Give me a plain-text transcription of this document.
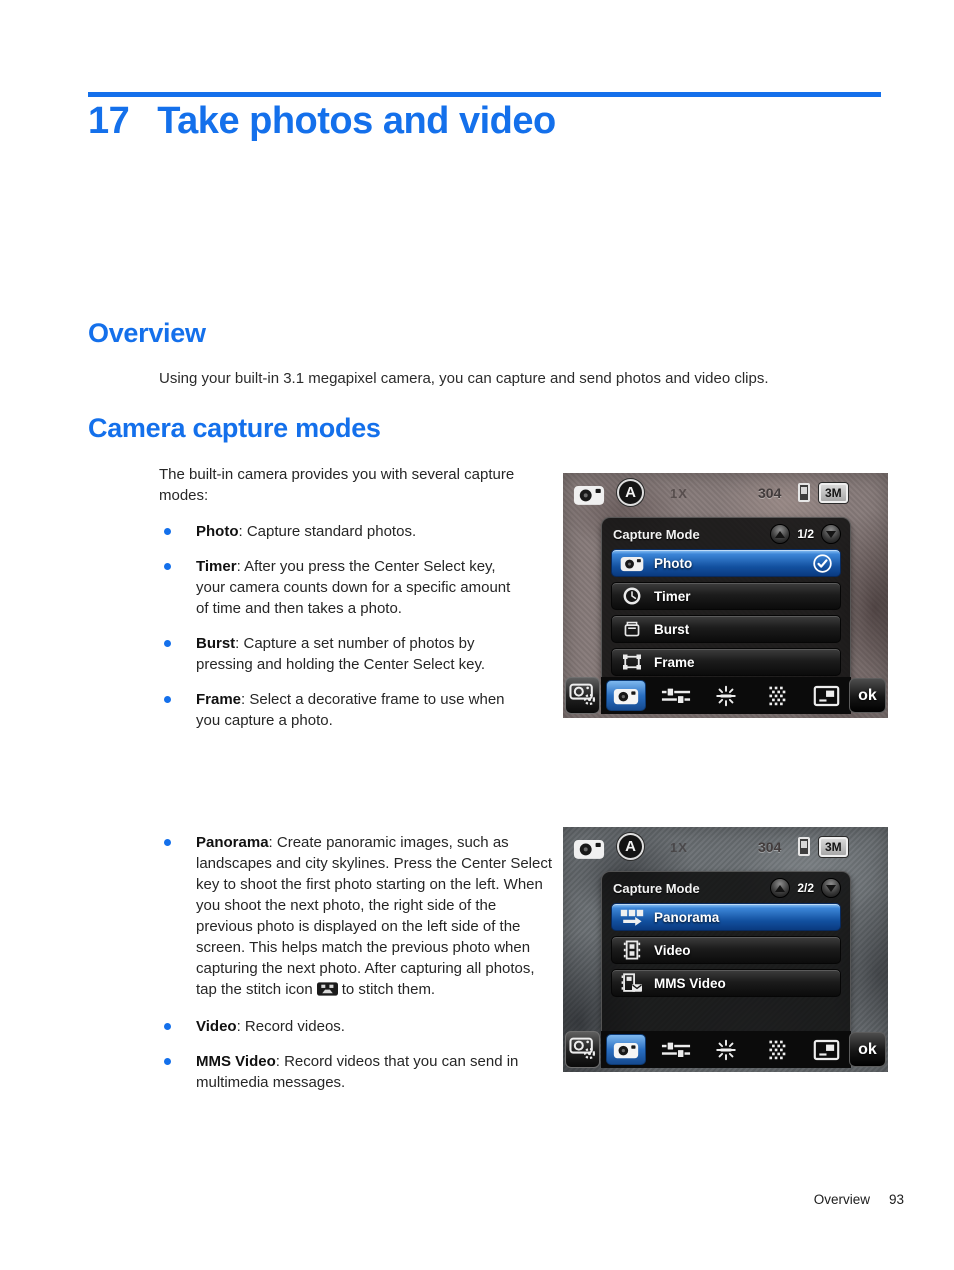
17 Take photos and video
Overview

Using your built-in 3.1 megapixel camera, you can capture and send photos and video clips.

Camera capture modes

The built-in camera provides you with several capture modes:

Photo: Capture standard photos.
Timer: After you press the Center Select key, your camera counts down for a specific amount of time and then takes a photo.
Burst: Capture a set number of photos by pressing and holding the Center Select key.
Frame: Select a decorative frame to use when you capture a photo.
Panorama: Create panoramic images, such as landscapes and city skylines. Press the Center Select key to shoot the first photo starting on the left. When you shoot the next photo, the right side of the previous photo is displayed on the left side of the screen. This helps match the previous photo when capturing the next photo. After capturing all photos, tap the stitch icon to stitch them.
Video: Record videos.
MMS Video: Record videos that you can send in multimedia messages.
A	1X	304	3M
Capture Mode	1/2
Photo
Timer
Burst
Frame
ok
A	1X	304	3M
Capture Mode	2/2
Panorama
Video
MMS Video
ok
Overview 93
